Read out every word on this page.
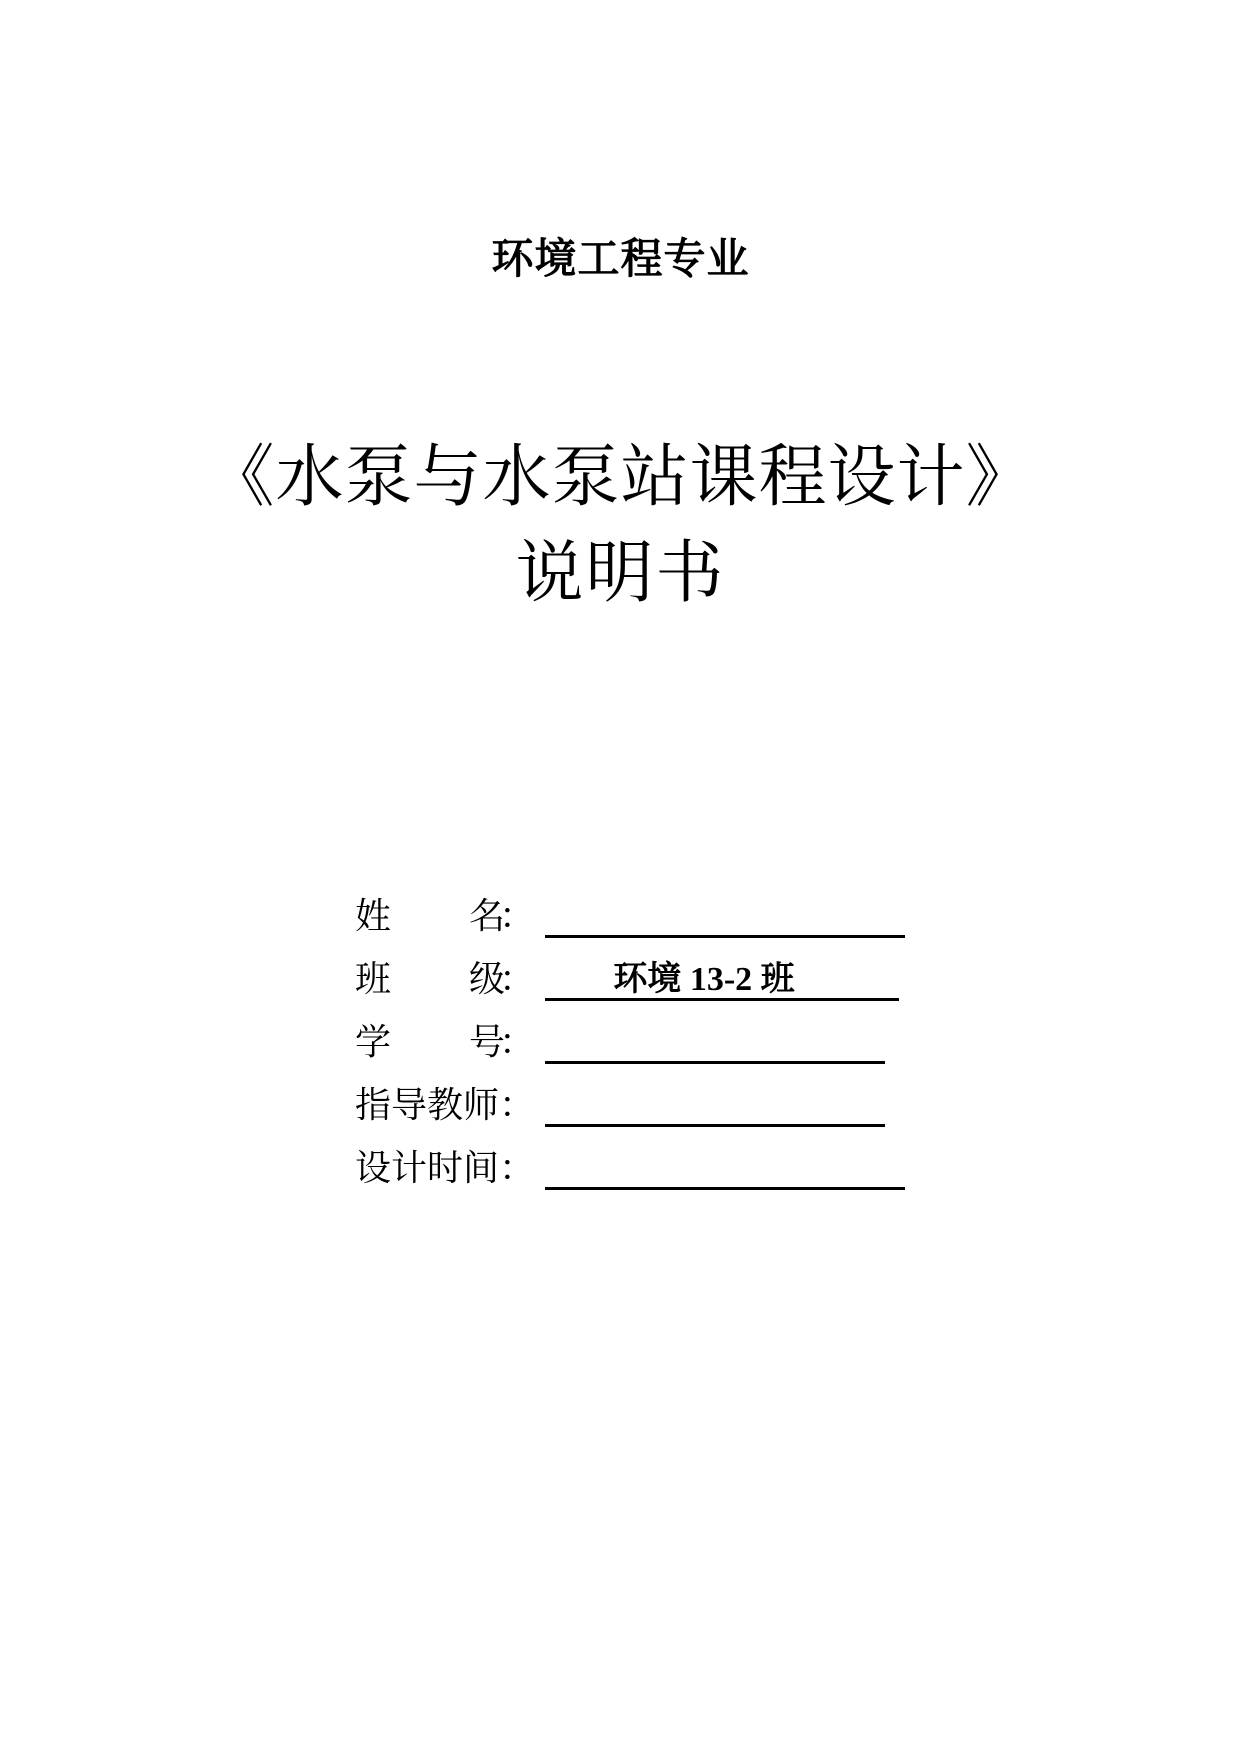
环境工程专业
《水泵与水泵站课程设计》
说明书
姓 名：
班 级：	环境 13-2 班
学 号：
指导教师：
设计时间：
